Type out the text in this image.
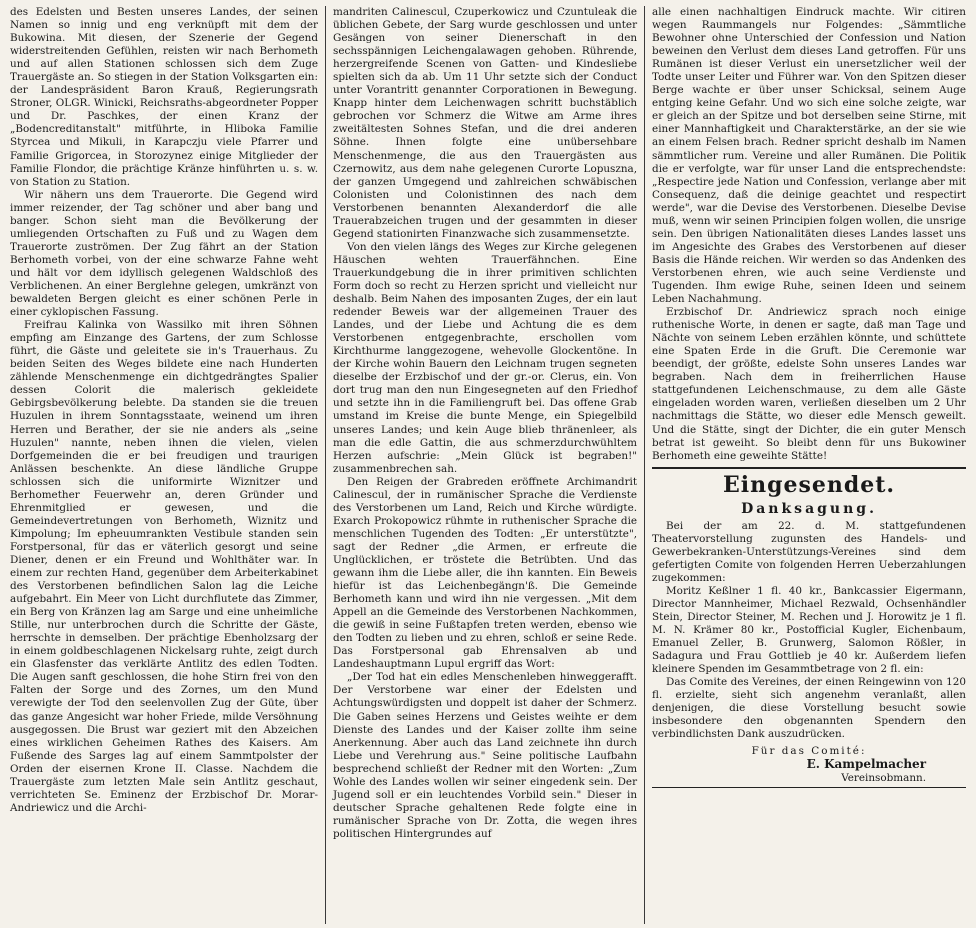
des Edelsten und Besten unseres Landes, der seinen Namen so innig und eng verknüpft mit dem der Bukowina. Mit diesen, der Szenerie der Gegend widerstreitenden Gefühlen, reisten wir nach Berhometh und auf allen Stationen schlossen sich dem Zuge Trauergäste an. So stiegen in der Station Volksgarten ein: der Landespräsident Baron Krauß, Regierungsrath Stroner, OLGR. Winicki, Reichsraths-abgeordneter Popper und Dr. Paschkes, der einen Kranz der „Bodencreditanstalt" mitführte, in Hliboka Familie Styrcea und Mikuli, in Karapczju viele Pfarrer und Familie Grigorcea, in Storozynez einige Mitglieder der Familie Flondor, die prächtige Kränze hinführten u. s. w. von Station zu Station.

Wir nähern uns dem Trauerorte. Die Gegend wird immer reizender, der Tag schöner und aber bang und banger. Schon sieht man die Bevölkerung der umliegenden Ortschaften zu Fuß und zu Wagen dem Trauerorte zuströmen. Der Zug fährt an der Station Berhometh vorbei, von der eine schwarze Fahne weht und hält vor dem idyllisch gelegenen Waldschloß des Verblichenen. An einer Berglehne gelegen, umkränzt von bewaldeten Bergen gleicht es einer schönen Perle in einer cyklopischen Fassung.

Freifrau Kalinka von Wassilko mit ihren Söhnen empfing am Einzange des Gartens, der zum Schlosse führt, die Gäste und geleitete sie in's Trauerhaus. Zu beiden Seiten des Weges bildete eine nach Hunderten zählende Menschenmenge ein dichtgedrängtes Spalier dessen Colorit die malerisch gekleidete Gebirgsbevölkerung belebte. Da standen sie die treuen Huzulen in ihrem Sonntagsstaate, weinend um ihren Herren und Berather, der sie nie anders als „seine Huzulen" nannte, neben ihnen die vielen, vielen Dorfgemeinden die er bei freudigen und traurigen Anlässen beschenkte. An diese ländliche Gruppe schlossen sich die uniformirte Wiznitzer und Berhomether Feuerwehr an, deren Gründer und Ehrenmitglied er gewesen, und die Gemeindevertretungen von Berhometh, Wiznitz und Kimpolung; Im epheuumrankten Vestibule standen sein Forstpersonal, für das er väterlich gesorgt und seine Diener, denen er ein Freund und Wohlthäter war. In einem zur rechten Hand, gegenüber dem Arbeiterkabinet des Verstorbenen befindlichen Salon lag die Leiche aufgebahrt. Ein Meer von Licht durchflutete das Zimmer, ein Berg von Kränzen lag am Sarge und eine unheimliche Stille, nur unterbrochen durch die Schritte der Gäste, herrschte in demselben. Der prächtige Ebenholzsarg der in einem goldbeschlagenen Nickelsarg ruhte, zeigt durch ein Glasfenster das verklärte Antlitz des edlen Todten. Die Augen sanft geschlossen, die hohe Stirn frei von den Falten der Sorge und des Zornes, um den Mund verewigte der Tod den seelenvollen Zug der Güte, über das ganze Angesicht war hoher Friede, milde Versöhnung ausgegossen. Die Brust war geziert mit den Abzeichen eines wirklichen Geheimen Rathes des Kaisers. Am Fußende des Sarges lag auf einem Sammtpolster der Orden der eisernen Krone II. Classe. Nachdem die Trauergäste zum letzten Male sein Antlitz geschaut, verrichteten Se. Eminenz der Erzbischof Dr. Morar-Andriewicz und die Archi-

mandriten Calinescul, Czuperkowicz und Czuntuleak die üblichen Gebete, der Sarg wurde geschlossen und unter Gesängen von seiner Dienerschaft in den sechsspännigen Leichengalawagen gehoben. Rührende, herzergreifende Scenen von Gatten- und Kindesliebe spielten sich da ab. Um 11 Uhr setzte sich der Conduct unter Vorantritt genannter Corporationen in Bewegung. Knapp hinter dem Leichenwagen schritt buchstäblich gebrochen vor Schmerz die Witwe am Arme ihres zweitältesten Sohnes Stefan, und die drei anderen Söhne. Ihnen folgte eine unübersehbare Menschenmenge, die aus den Trauergästen aus Czernowitz, aus dem nahe gelegenen Curorte Lopuszna, der ganzen Umgegend und zahlreichen schwäbischen Colonisten und Colonistinnen des nach dem Verstorbenen benannten Alexanderdorf die alle Trauerabzeichen trugen und der gesammten in dieser Gegend stationirten Finanzwache sich zusammensetzte.

Von den vielen längs des Weges zur Kirche gelegenen Häuschen wehten Trauerfähnchen. Eine Trauerkundgebung die in ihrer primitiven schlichten Form doch so recht zu Herzen spricht und vielleicht nur deshalb. Beim Nahen des imposanten Zuges, der ein laut redender Beweis war der allgemeinen Trauer des Landes, und der Liebe und Achtung die es dem Verstorbenen entgegenbrachte, erschollen vom Kirchthurme langgezogene, wehevolle Glockentöne. In der Kirche wohin Bauern den Leichnam trugen segneten dieselbe der Erzbischof und der gr.-or. Clerus, ein. Von dort trug man den nun Eingesegneten auf den Friedhof und setzte ihn in die Familiengruft bei. Das offene Grab umstand im Kreise die bunte Menge, ein Spiegelbild unseres Landes; und kein Auge blieb thränenleer, als man die edle Gattin, die aus schmerzdurchwühltem Herzen aufschrie: „Mein Glück ist begraben!" zusammenbrechen sah.

Den Reigen der Grabreden eröffnete Archimandrit Calinescul, der in rumänischer Sprache die Verdienste des Verstorbenen um Land, Reich und Kirche würdigte. Exarch Prokopowicz rühmte in ruthenischer Sprache die menschlichen Tugenden des Todten: „Er unterstützte", sagt der Redner „die Armen, er erfreute die Unglücklichen, er tröstete die Betrübten. Und das gewann ihm die Liebe aller, die ihn kannten. Ein Beweis hiefür ist das Leichenbegängn'ß. Die Gemeinde Berhometh kann und wird ihn nie vergessen. „Mit dem Appell an die Gemeinde des Verstorbenen Nachkommen, die gewiß in seine Fußtapfen treten werden, ebenso wie den Todten zu lieben und zu ehren, schloß er seine Rede. Das Forstpersonal gab Ehrensalven ab und Landeshauptmann Lupul ergriff das Wort:

„Der Tod hat ein edles Menschenleben hinweggerafft. Der Verstorbene war einer der Edelsten und Achtungswürdigsten und doppelt ist daher der Schmerz. Die Gaben seines Herzens und Geistes weihte er dem Dienste des Landes und der Kaiser zollte ihm seine Anerkennung. Aber auch das Land zeichnete ihn durch Liebe und Verehrung aus." Seine politische Laufbahn besprechend schließt der Redner mit den Worten: „Zum Wohle des Landes wollen wir seiner eingedenk sein. Der Jugend soll er ein leuchtendes Vorbild sein." Dieser in deutscher Sprache gehaltenen Rede folgte eine in rumänischer Sprache von Dr. Zotta, die wegen ihres politischen Hintergrundes auf

alle einen nachhaltigen Eindruck machte. Wir citiren wegen Raummangels nur Folgendes: „Sämmtliche Bewohner ohne Unterschied der Confession und Nation beweinen den Verlust dem dieses Land getroffen. Für uns Rumänen ist dieser Verlust ein unersetzlicher weil der Todte unser Leiter und Führer war. Von den Spitzen dieser Berge wachte er über unser Schicksal, seinem Auge entging keine Gefahr. Und wo sich eine solche zeigte, war er gleich an der Spitze und bot derselben seine Stirne, mit einer Mannhaftigkeit und Charakterstärke, an der sie wie an einem Felsen brach. Redner spricht deshalb im Namen sämmtlicher rum. Vereine und aller Rumänen. Die Politik die er verfolgte, war für unser Land die entsprechendste: „Respectire jede Nation und Confession, verlange aber mit Consequenz, daß die deinige geachtet und respectirt werde", war die Devise des Verstorbenen. Dieselbe Devise muß, wenn wir seinen Principien folgen wollen, die unsrige sein. Den übrigen Nationalitäten dieses Landes lasset uns im Angesichte des Grabes des Verstorbenen auf dieser Basis die Hände reichen. Wir werden so das Andenken des Verstorbenen ehren, wie auch seine Verdienste und Tugenden. Ihm ewige Ruhe, seinen Ideen und seinem Leben Nachahmung.

Erzbischof Dr. Andriewicz sprach noch einige ruthenische Worte, in denen er sagte, daß man Tage und Nächte von seinem Leben erzählen könnte, und schüttete eine Spaten Erde in die Gruft. Die Ceremonie war beendigt, der größte, edelste Sohn unseres Landes war begraben. Nach dem in freiherrlichen Hause stattgefundenen Leichenschmause, zu dem alle Gäste eingeladen worden waren, verließen dieselben um 2 Uhr nachmittags die Stätte, wo dieser edle Mensch geweilt. Und die Stätte, singt der Dichter, die ein guter Mensch betrat ist geweiht. So bleibt denn für uns Bukowiner Berhometh eine geweihte Stätte!

Eingesendet.
Danksagung.

Bei der am 22. d. M. stattgefundenen Theatervorstellung zugunsten des Handels- und Gewerbekranken-Unterstützungs-Vereines sind dem gefertigten Comite von folgenden Herren Ueberzahlungen zugekommen:

Moritz Keßlner 1 fl. 40 kr., Bankcassier Eigermann, Director Mannheimer, Michael Rezwald, Ochsenhändler Stein, Director Steiner, M. Rechen und J. Horowitz je 1 fl. M. N. Krämer 80 kr., Postofficial Kugler, Eichenbaum, Emanuel Zeller, B. Grunwerg, Salomon Rößler, in Sadagura und Frau Gottlieb je 40 kr. Außerdem liefen kleinere Spenden im Gesammtbetrage von 2 fl. ein:

Das Comite des Vereines, der einen Reingewinn von 120 fl. erzielte, sieht sich angenehm veranlaßt, allen denjenigen, die diese Vorstellung besucht sowie insbesondere den obgenannten Spendern den verbindlichsten Dank auszudrücken.

Für das Comité:
E. Kampelmacher
Vereinsobmann.
